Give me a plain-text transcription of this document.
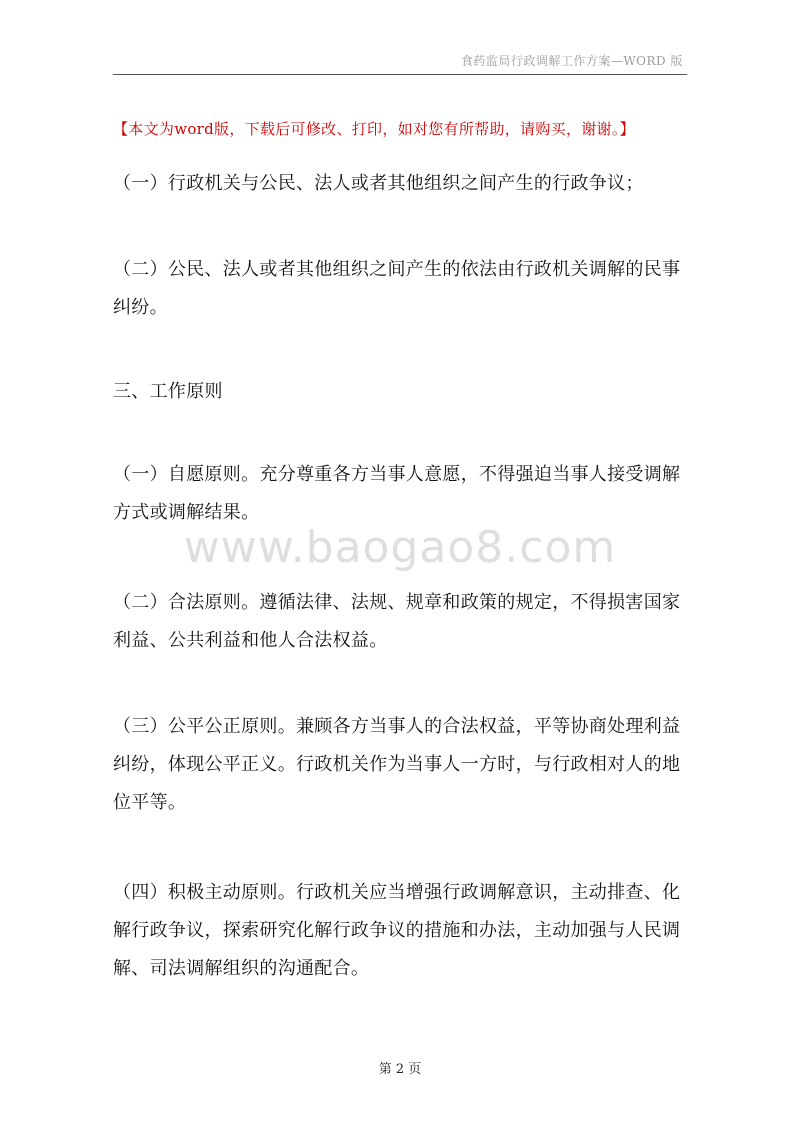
食药监局行政调解工作方案—WORD 版
【本文为word版，下载后可修改、打印，如对您有所帮助，请购买，谢谢。】

（一）行政机关与公民、法人或者其他组织之间产生的行政争议；

（二）公民、法人或者其他组织之间产生的依法由行政机关调解的民事纠纷。

三、工作原则

（一）自愿原则。充分尊重各方当事人意愿，不得强迫当事人接受调解方式或调解结果。

（二）合法原则。遵循法律、法规、规章和政策的规定，不得损害国家利益、公共利益和他人合法权益。

（三）公平公正原则。兼顾各方当事人的合法权益，平等协商处理利益纠纷，体现公平正义。行政机关作为当事人一方时，与行政相对人的地位平等。

（四）积极主动原则。行政机关应当增强行政调解意识，主动排查、化解行政争议，探索研究化解行政争议的措施和办法，主动加强与人民调解、司法调解组织的沟通配合。

www.baogao8.com
第 2 页
